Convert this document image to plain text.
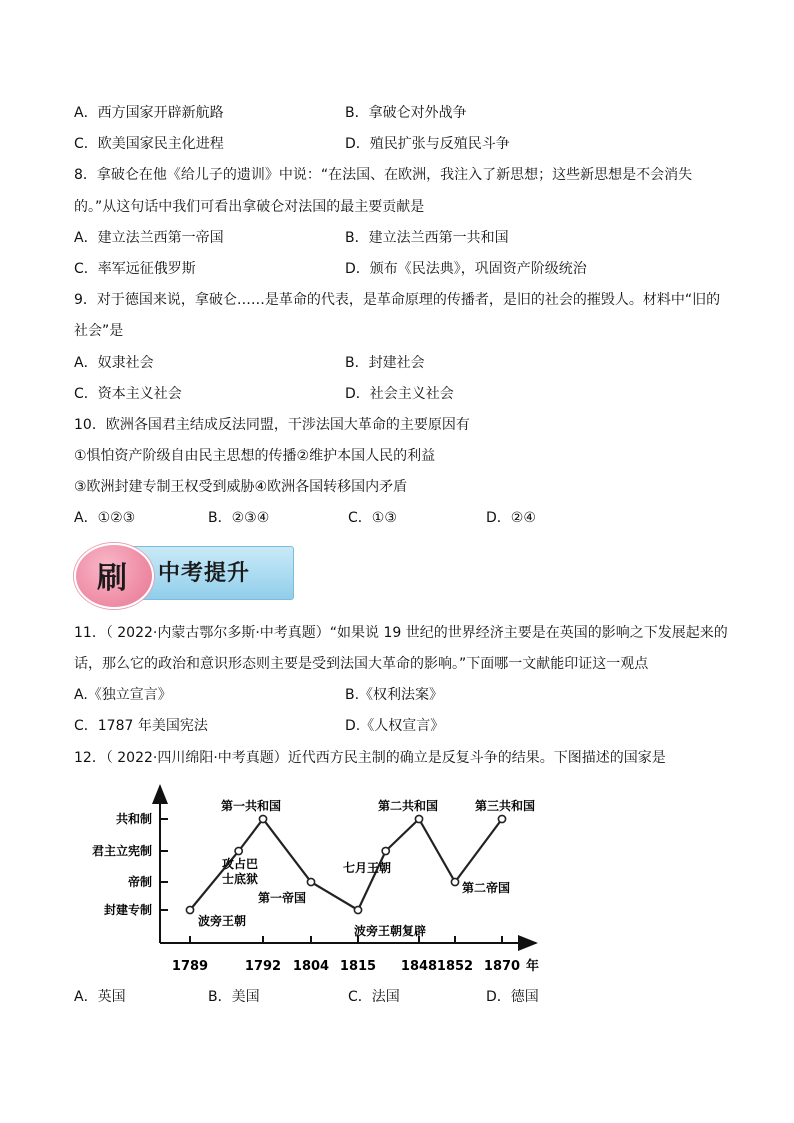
A．西方国家开辟新航路	B．拿破仑对外战争
C．欧美国家民主化进程	D．殖民扩张与反殖民斗争
8．拿破仑在他《给儿子的遗训》中说：“在法国、在欧洲，我注入了新思想；这些新思想是不会消失
的。”从这句话中我们可看出拿破仑对法国的最主要贡献是
A．建立法兰西第一帝国	B．建立法兰西第一共和国
C．率军远征俄罗斯	D．颁布《民法典》，巩固资产阶级统治
9．对于德国来说，拿破仑……是革命的代表，是革命原理的传播者，是旧的社会的摧毁人。材料中“旧的
社会”是
A．奴隶社会	B．封建社会
C．资本主义社会	D．社会主义社会
10．欧洲各国君主结成反法同盟，干涉法国大革命的主要原因有
①惧怕资产阶级自由民主思想的传播②维护本国人民的利益
③欧洲封建专制王权受到威胁④欧洲各国转移国内矛盾
A．①②③	B．②③④	C．①③	D．②④
中考提升
刷
11．（ 2022·内蒙古鄂尔多斯·中考真题）“如果说 19 世纪的世界经济主要是在英国的影响之下发展起来的
话，那么它的政治和意识形态则主要是受到法国大革命的影响。”下面哪一文献能印证这一观点
A.《独立宣言》	B.《权利法案》
C．1787 年美国宪法	D.《人权宣言》
12．（ 2022·四川绵阳·中考真题）近代西方民主制的确立是反复斗争的结果。下图描述的国家是
封建专制
帝制
君主立宪制
共和制
1789	1792 1804 1815 1848 1852 1870
波旁王朝
攻占巴
士底狱
第一共和国
第一帝国
波旁王朝复辟
七月王朝
第二共和国
第二帝国
第三共和国
年
A．英国	B．美国	C．法国	D．德国
